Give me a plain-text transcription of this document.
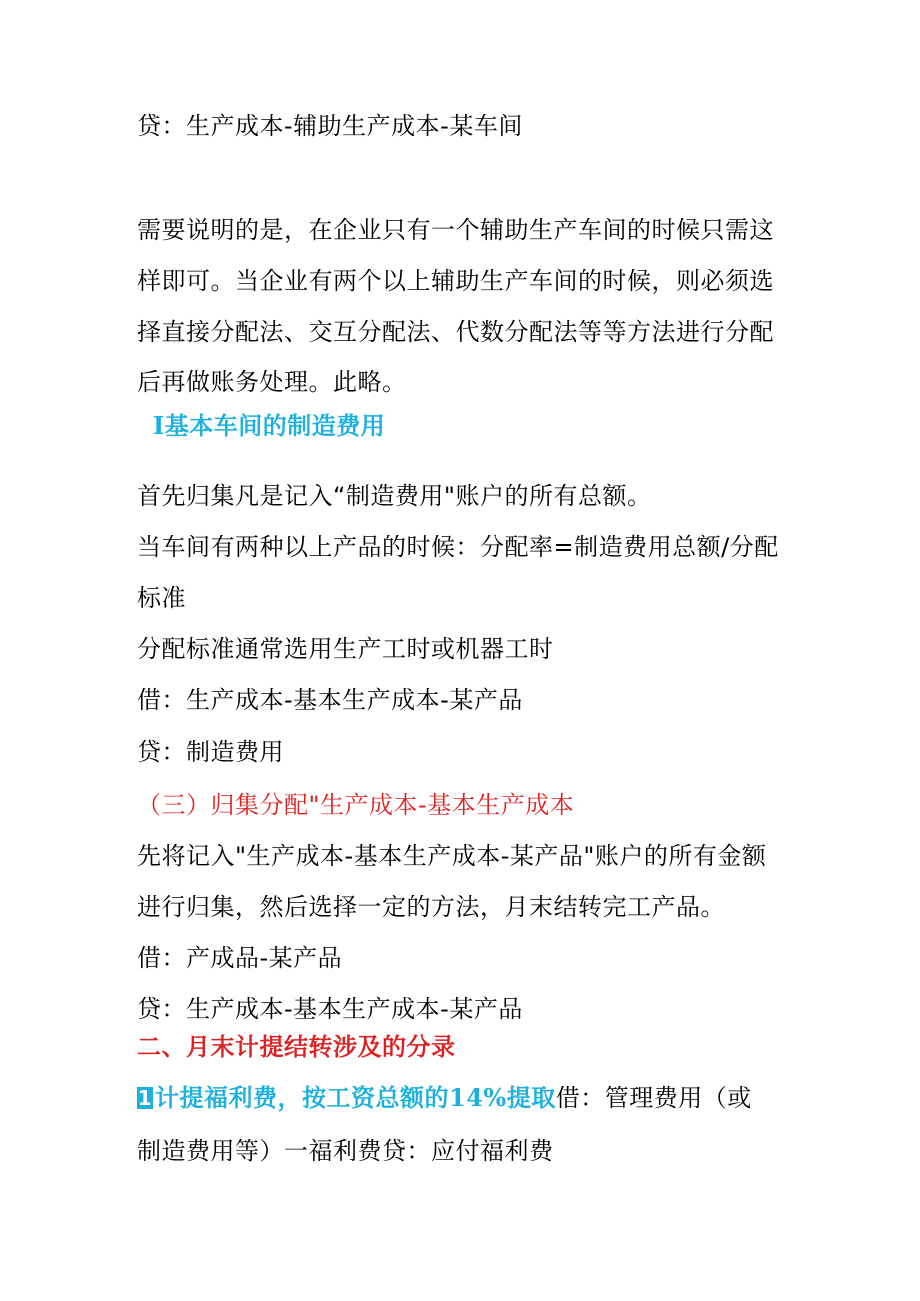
贷：生产成本-辅助生产成本-某车间
需要说明的是，在企业只有一个辅助生产车间的时候只需这
样即可。当企业有两个以上辅助生产车间的时候，则必须选
择直接分配法、交互分配法、代数分配法等等方法进行分配
后再做账务处理。此略。
I基本车间的制造费用
首先归集凡是记入“制造费用"账户的所有总额。
当车间有两种以上产品的时候：分配率=制造费用总额/分配
标准
分配标准通常选用生产工时或机器工时
借：生产成本-基本生产成本-某产品
贷：制造费用
（三）归集分配"生产成本-基本生产成本
先将记入"生产成本-基本生产成本-某产品"账户的所有金额
进行归集，然后选择一定的方法，月末结转完工产品。
借：产成品-某产品
贷：生产成本-基本生产成本-某产品
二、月末计提结转涉及的分录
1 计提福利费，按工资总额的14%提取借：管理费用（或
制造费用等）一福利费贷：应付福利费
